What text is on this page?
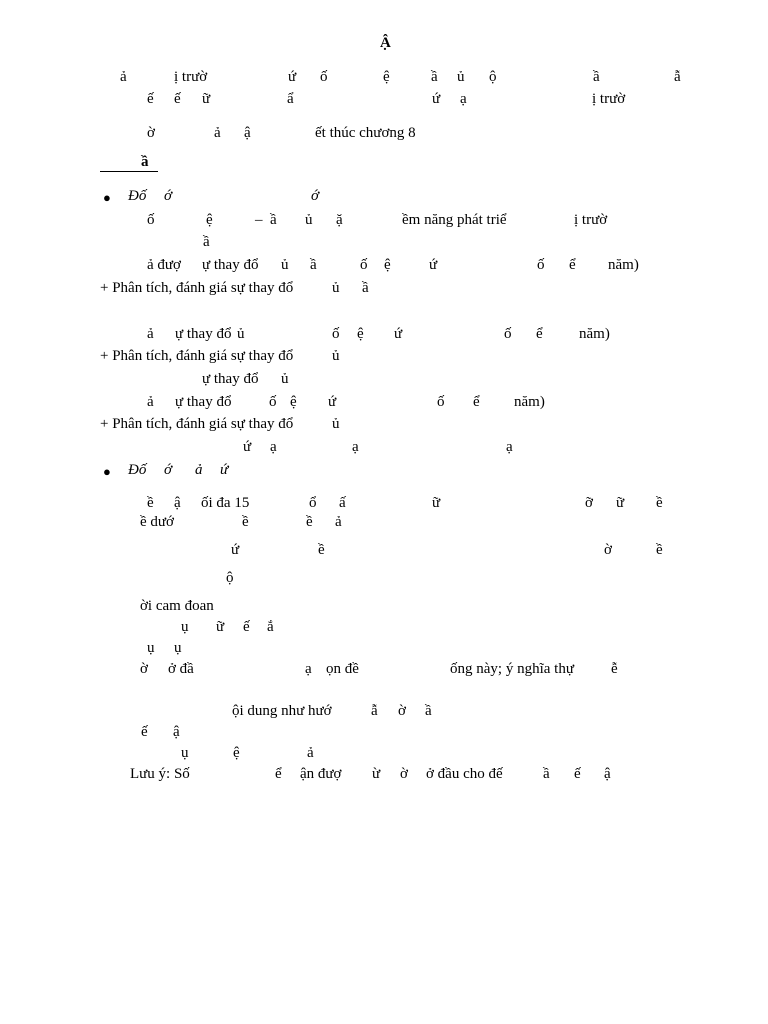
Ậ
ả	ị trườ	ứ ố	ệ	ầ ủ ộ	ầ	ẫ
ế ế ữ	ẩ	ứ ạ	ị trườ
ờ	ả ậ	ết thúc chương 8
ầ
● Đố ớ	ớ
ố	ệ	–  ầ ủ ặ	ềm năng phát triể	ị trườ
ầ
ả đượ ự thay đổ ủ ầ	ố ệ	ứ	ố ể năm)
+ Phân tích, đánh giá sự thay đổ	ủ ầ
ả ự thay đổ ủ	ố ệ ứ	ố ể năm)
+ Phân tích, đánh giá sự thay đổ	ủ
ự thay đổ ủ
ả ự thay đổ	ố ệ ứ	ố ể năm)
+ Phân tích, đánh giá sự thay đổ	ủ
ứ ạ	ạ	ạ
● Đố ớ ả ứ
ề ậ ối đa 15	ổ ấ	ữ	ỡ ữ ề
ề dướ	ề	ề ả
ứ	ề	ờ	ề
ộ
ời cam đoan
ụ ữ ế ắ
ụ ụ
ờ ở đầ	ạ ọn đề	ống này; ý nghĩa thự ễ
ội dung như hướ	ẫ ờ ầ
ế ậ
ụ	ệ	ả
Lưu ý: Số	ể ận đượ ừ ờ ở đầu cho đế	ầ ế ậ
